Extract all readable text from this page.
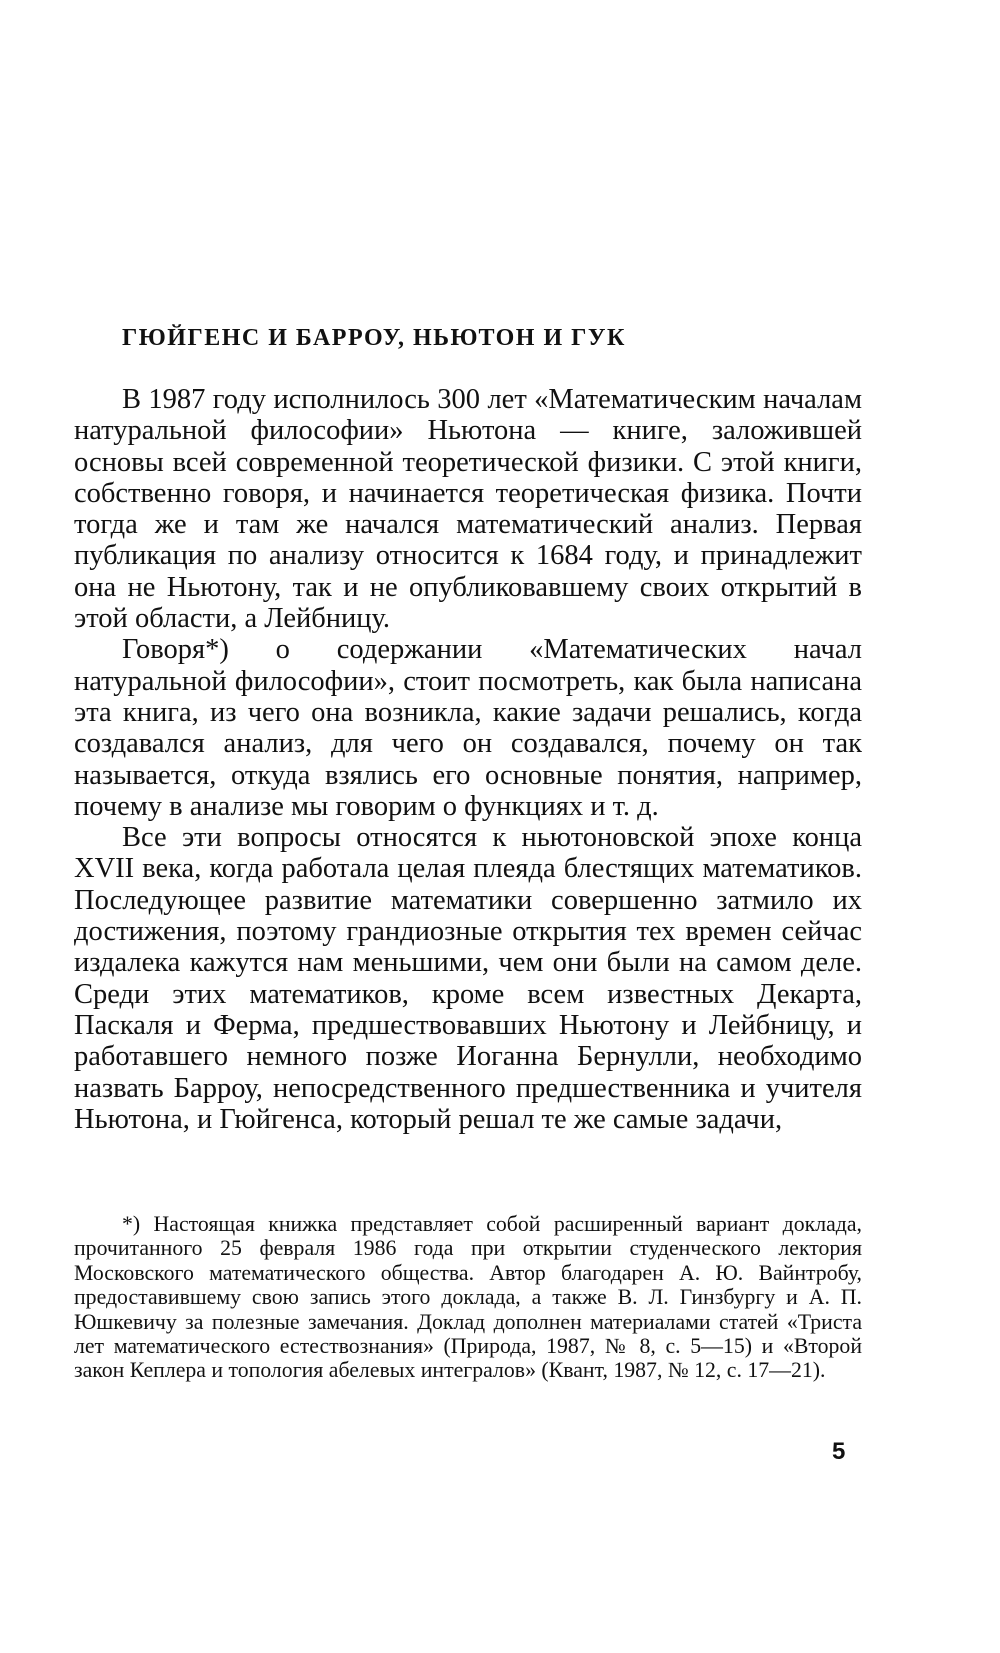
ГЮЙГЕНС И БАРРОУ, НЬЮТОН И ГУК

В 1987 году исполнилось 300 лет «Математическим началам натуральной философии» Ньютона — книге, заложившей основы всей современной теоретической физики. С этой книги, собственно говоря, и начинается теоретическая физика. Почти тогда же и там же начался математический анализ. Первая публикация по анализу относится к 1684 году, и принадлежит она не Ньютону, так и не опубликовавшему своих открытий в этой области, а Лейбницу.

Говоря*) о содержании «Математических начал натуральной философии», стоит посмотреть, как была написана эта книга, из чего она возникла, какие задачи решались, когда создавался анализ, для чего он создавался, почему он так называется, откуда взялись его основные понятия, например, почему в анализе мы говорим о функциях и т. д.

Все эти вопросы относятся к ньютоновской эпохе конца XVII века, когда работала целая плеяда блестящих математиков. Последующее развитие математики совершенно затмило их достижения, поэтому грандиозные открытия тех времен сейчас издалека кажутся нам меньшими, чем они были на самом деле. Среди этих математиков, кроме всем известных Декарта, Паскаля и Ферма, предшествовавших Ньютону и Лейбницу, и работавшего немного позже Иоганна Бернулли, необходимо назвать Барроу, непосредственного предшественника и учителя Ньютона, и Гюйгенса, который решал те же самые задачи,

*) Настоящая книжка представляет собой расширенный вариант доклада, прочитанного 25 февраля 1986 года при открытии студенческого лектория Московского математического общества. Автор благодарен А. Ю. Вайнтробу, предоставившему свою запись этого доклада, а также В. Л. Гинзбургу и А. П. Юшкевичу за полезные замечания. Доклад дополнен материалами статей «Триста лет математического естествознания» (Природа, 1987, № 8, с. 5—15) и «Второй закон Кеплера и топология абелевых интегралов» (Квант, 1987, № 12, с. 17—21).

5
